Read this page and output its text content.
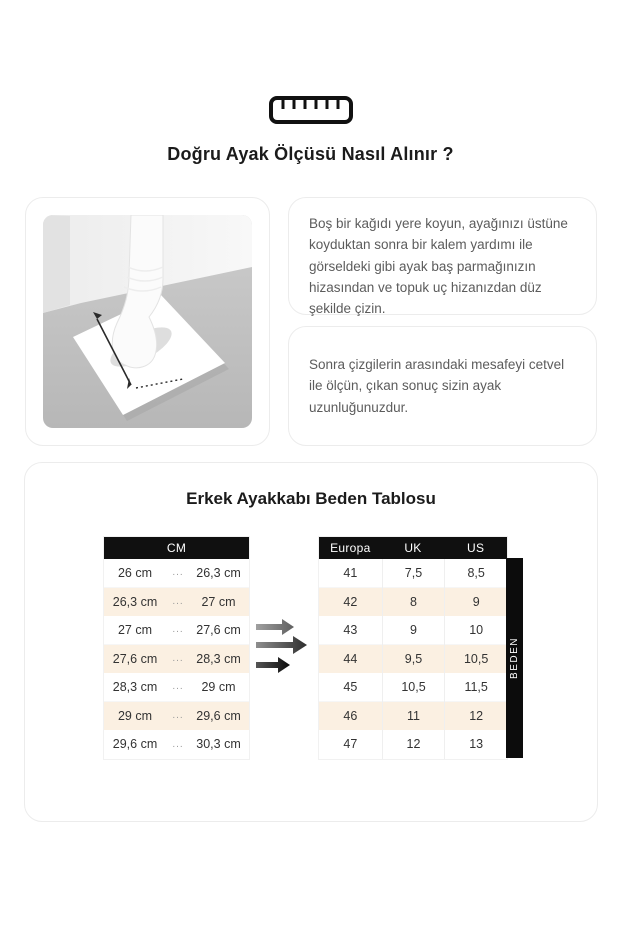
Doğru Ayak Ölçüsü Nasıl Alınır ?
Boş bir kağıdı yere koyun, ayağınızı üstüne koyduktan sonra bir kalem yardımı ile görseldeki gibi ayak baş parmağınızın hizasından ve topuk uç hizanızdan düz şekilde çizin.
Sonra çizgilerin arasındaki mesafeyi cetvel ile ölçün, çıkan sonuç sizin ayak uzunluğunuzdur.
Erkek Ayakkabı Beden Tablosu
CM
26 cm	...	26,3 cm
26,3 cm	...	27 cm
27 cm	...	27,6 cm
27,6 cm	...	28,3 cm
28,3 cm	...	29 cm
29 cm	...	29,6 cm
29,6 cm	...	30,3 cm
Europa	UK	US
41	7,5	8,5
42	8	9
43	9	10
44	9,5	10,5
45	10,5	11,5
46	11	12
47	12	13
BEDEN
